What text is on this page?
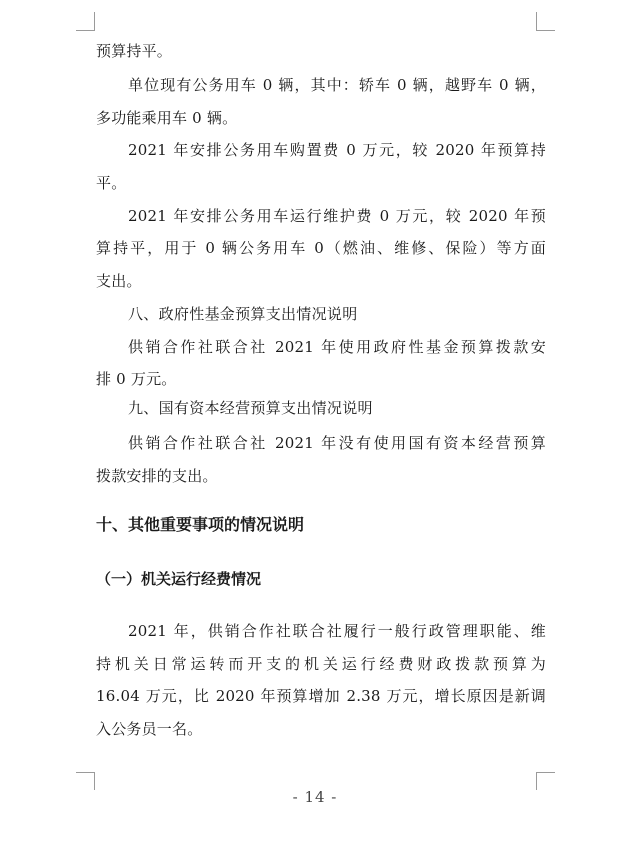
预算持平。
单位现有公务用车 0 辆，其中：轿车 0 辆，越野车 0 辆，
多功能乘用车 0 辆。
2021 年安排公务用车购置费 0 万元，较 2020 年预算持
平。
2021 年安排公务用车运行维护费 0 万元，较 2020 年预
算持平，用于 0 辆公务用车 0（燃油、维修、保险）等方面
支出。
八、政府性基金预算支出情况说明
供销合作社联合社 2021 年使用政府性基金预算拨款安
排 0 万元。
九、国有资本经营预算支出情况说明
供销合作社联合社 2021 年没有使用国有资本经营预算
拨款安排的支出。
十、其他重要事项的情况说明
（一）机关运行经费情况
2021 年，供销合作社联合社履行一般行政管理职能、维
持机关日常运转而开支的机关运行经费财政拨款预算为
16.04 万元，比 2020 年预算增加 2.38 万元，增长原因是新调
入公务员一名。
- 14 -
